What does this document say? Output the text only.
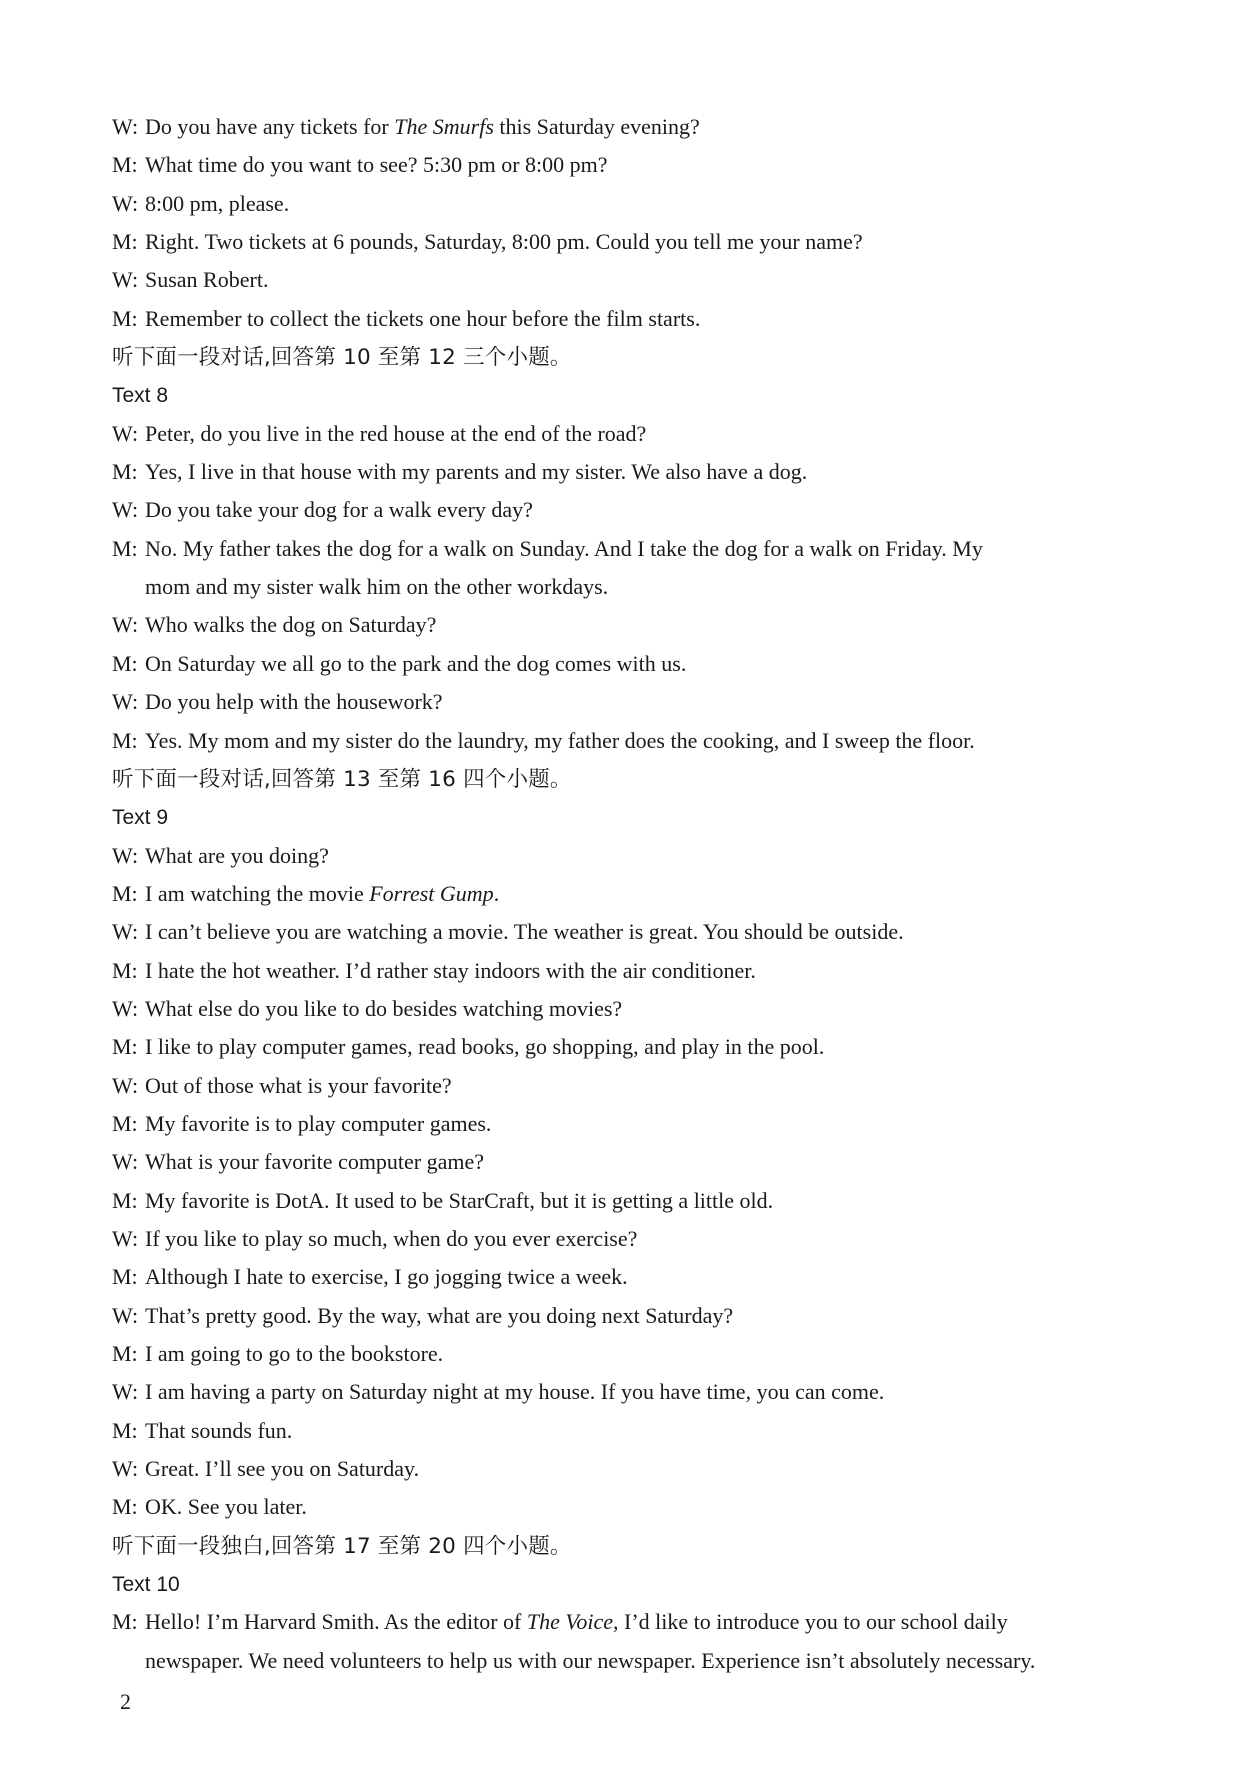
W: Do you have any tickets for The Smurfs this Saturday evening?
M: What time do you want to see? 5:30 pm or 8:00 pm?
W: 8:00 pm, please.
M: Right. Two tickets at 6 pounds, Saturday, 8:00 pm. Could you tell me your name?
W: Susan Robert.
M: Remember to collect the tickets one hour before the film starts.
听下面一段对话,回答第 10 至第 12 三个小题。
Text 8
W: Peter, do you live in the red house at the end of the road?
M: Yes, I live in that house with my parents and my sister. We also have a dog.
W: Do you take your dog for a walk every day?
M: No. My father takes the dog for a walk on Sunday. And I take the dog for a walk on Friday. My
mom and my sister walk him on the other workdays.
W: Who walks the dog on Saturday?
M: On Saturday we all go to the park and the dog comes with us.
W: Do you help with the housework?
M: Yes. My mom and my sister do the laundry, my father does the cooking, and I sweep the floor.
听下面一段对话,回答第 13 至第 16 四个小题。
Text 9
W: What are you doing?
M: I am watching the movie Forrest Gump.
W: I can’t believe you are watching a movie. The weather is great. You should be outside.
M: I hate the hot weather. I’d rather stay indoors with the air conditioner.
W: What else do you like to do besides watching movies?
M: I like to play computer games, read books, go shopping, and play in the pool.
W: Out of those what is your favorite?
M: My favorite is to play computer games.
W: What is your favorite computer game?
M: My favorite is DotA. It used to be StarCraft, but it is getting a little old.
W: If you like to play so much, when do you ever exercise?
M: Although I hate to exercise, I go jogging twice a week.
W: That’s pretty good. By the way, what are you doing next Saturday?
M: I am going to go to the bookstore.
W: I am having a party on Saturday night at my house. If you have time, you can come.
M: That sounds fun.
W: Great. I’ll see you on Saturday.
M: OK. See you later.
听下面一段独白,回答第 17 至第 20 四个小题。
Text 10
M: Hello! I’m Harvard Smith. As the editor of The Voice, I’d like to introduce you to our school daily
newspaper. We need volunteers to help us with our newspaper. Experience isn’t absolutely necessary.
2
